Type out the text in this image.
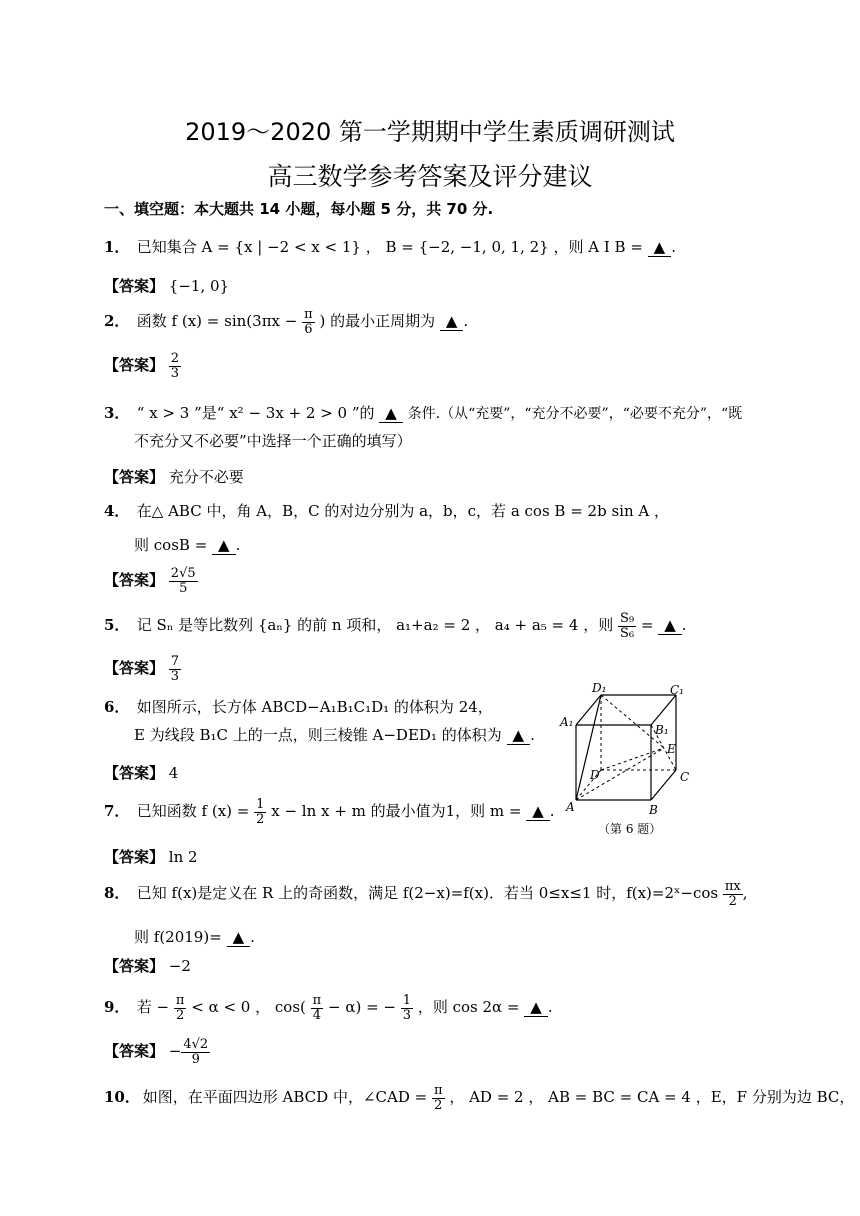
2019～2020 第一学期期中学生素质调研测试
高三数学参考答案及评分建议
一、填空题：本大题共 14 小题，每小题 5 分，共 70 分.
1． 已知集合 A = {x | −2 < x < 1} ， B = {−2, −1, 0, 1, 2} ，则 A Ⅰ B = ▲ .
【答案】 {−1, 0}
2． 函数 f $(x) = \sin(3\pi x - \frac{\pi}{6}$ ) 的最小正周期为 ▲ .
【答案】 $\frac{2}{3}$
3． “ x > 3 ”是“ x² − 3x + 2 > 0 ”的 ▲ 条件.（从“充要”，“充分不必要”，“必要不充分”，“既
不充分又不必要”中选择一个正确的填写）
【答案】 充分不必要
4． 在△ ABC 中，角 A，B，C 的对边分别为 a，b，c，若 a cos B = 2b sin A ，
则 cosB = ▲ .
【答案】 $\frac{2√5}{5}$
5． 记 Sₙ 是等比数列 {aₙ} 的前 n 项和， a₁+a₂ = 2 ， a₄ + a₅ = 4 ，则 $\frac{\text{S₉}}{\text{S₆}}$ = ▲ .
【答案】 $\frac{7}{3}$
6． 如图所示，长方体 ABCD−A₁B₁C₁D₁ 的体积为 24，
E 为线段 B₁C 上的一点，则三棱锥 A−DED₁ 的体积为 ▲ .
【答案】 4
D₁	C₁
A₁
B₁
E
D	C
A	B
（第 6 题）
7． 已知函数 f $(x) = \frac{1}{2}$ x − ln x + m 的最小值为1，则 m = ▲ .
【答案】 ln 2
8． 已知 f(x)是定义在 R 上的奇函数，满足 f(2−x)=f(x)．若当 0≤x≤1 时，f(x)=2ˣ−cos $\frac{\pi x}{2}$ ,
则 f(2019)= ▲ .
【答案】 −2
9． 若 − $\frac{\pi}{2} < \alpha < 0$ ， $\cos( \frac{\pi}{4} - \alpha)$ = − $\frac{1}{3}$ ，则 cos 2α = ▲ .
【答案】 − $\frac{4√2}{9}$
10． 如图，在平面四边形 ABCD 中，∠CAD = $\frac{\pi}{2}$ ， AD = 2 ， AB = BC = CA = 4 ，E，F 分别为边 BC，
